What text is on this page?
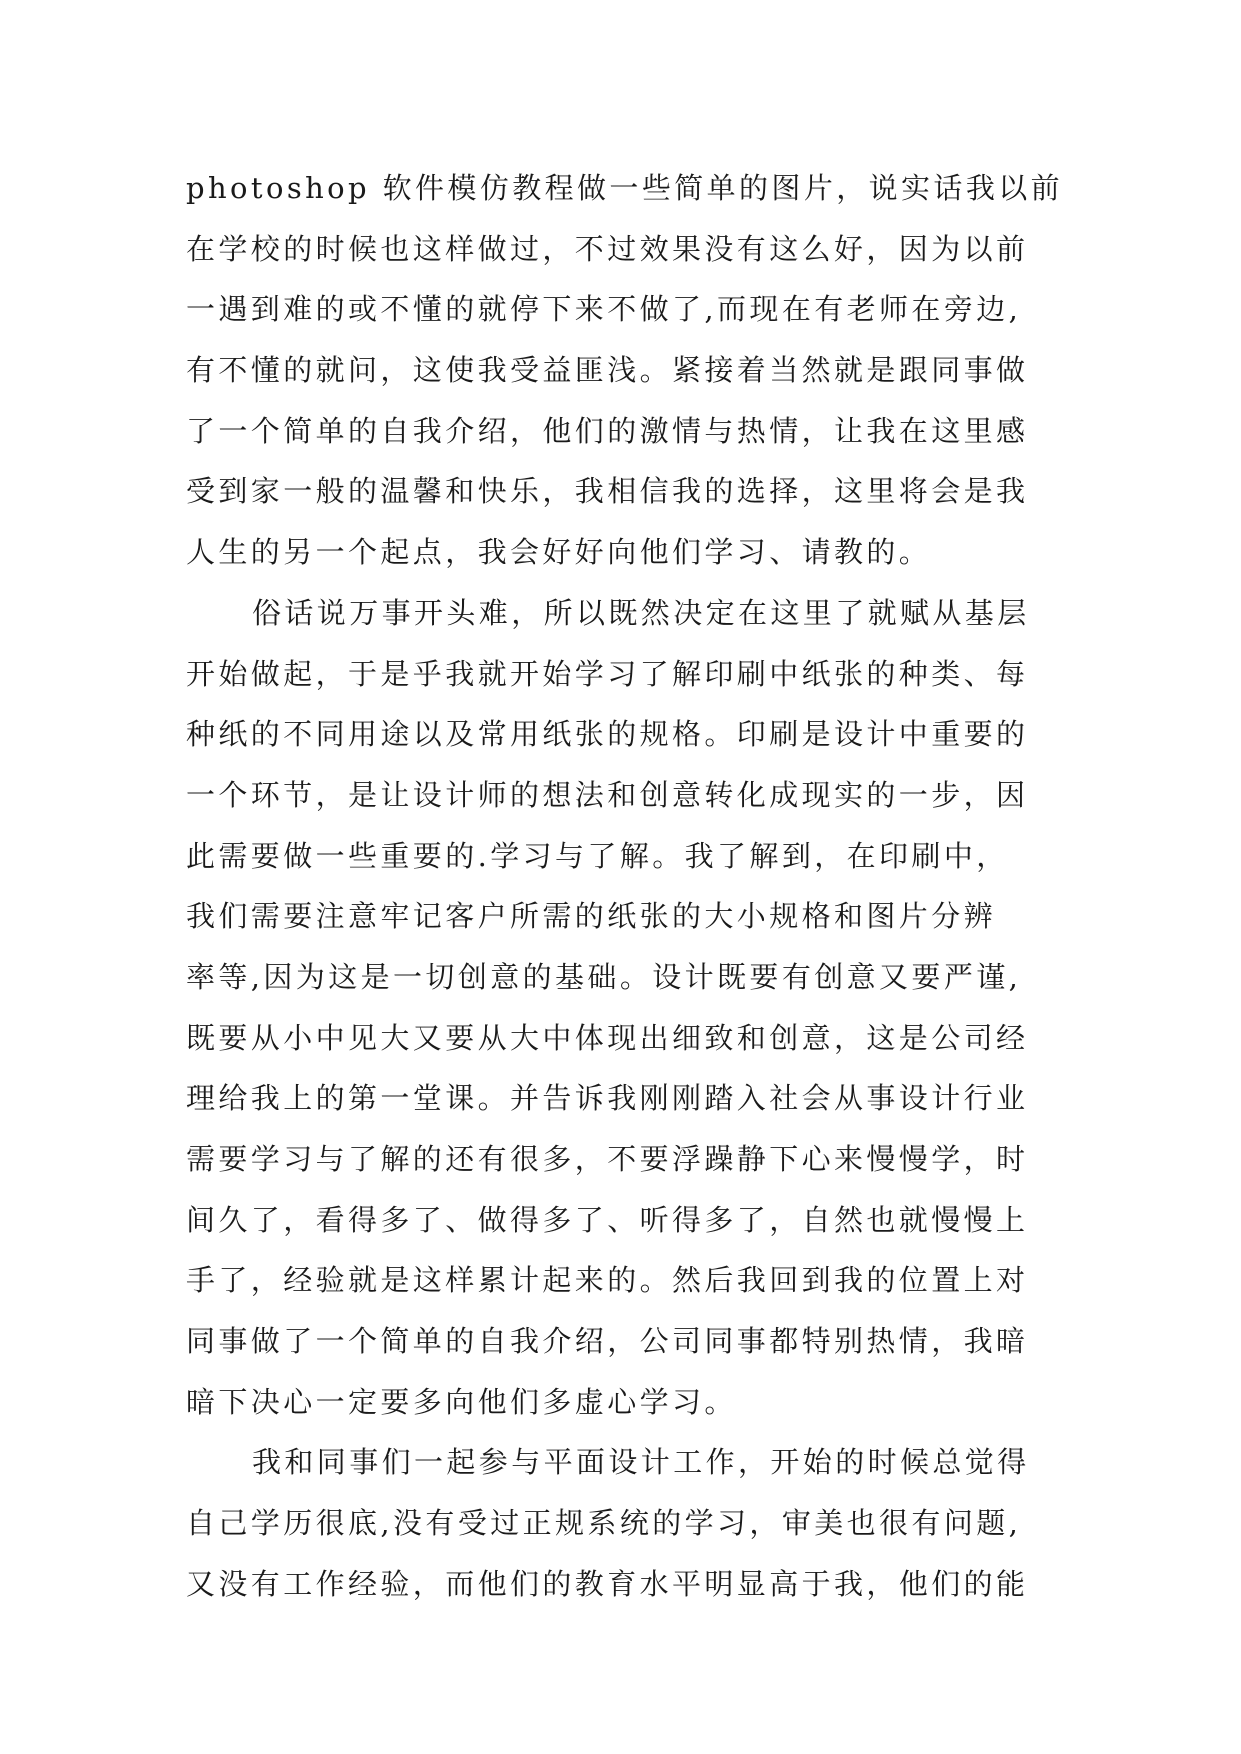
photoshop 软件模仿教程做一些简单的图片，说实话我以前
在学校的时候也这样做过，不过效果没有这么好，因为以前
一遇到难的或不懂的就停下来不做了,而现在有老师在旁边,
有不懂的就问，这使我受益匪浅。紧接着当然就是跟同事做
了一个简单的自我介绍，他们的激情与热情，让我在这里感
受到家一般的温馨和快乐，我相信我的选择，这里将会是我
人生的另一个起点，我会好好向他们学习、请教的。
俗话说万事开头难，所以既然决定在这里了就赋从基层
开始做起，于是乎我就开始学习了解印刷中纸张的种类、每
种纸的不同用途以及常用纸张的规格。印刷是设计中重要的
一个环节，是让设计师的想法和创意转化成现实的一步，因
此需要做一些重要的.学习与了解。我了解到，在印刷中，
我们需要注意牢记客户所需的纸张的大小规格和图片分辨
率等,因为这是一切创意的基础。设计既要有创意又要严谨,
既要从小中见大又要从大中体现出细致和创意，这是公司经
理给我上的第一堂课。并告诉我刚刚踏入社会从事设计行业
需要学习与了解的还有很多，不要浮躁静下心来慢慢学，时
间久了，看得多了、做得多了、听得多了，自然也就慢慢上
手了，经验就是这样累计起来的。然后我回到我的位置上对
同事做了一个简单的自我介绍，公司同事都特别热情，我暗
暗下决心一定要多向他们多虚心学习。
我和同事们一起参与平面设计工作，开始的时候总觉得
自己学历很底,没有受过正规系统的学习，审美也很有问题,
又没有工作经验，而他们的教育水平明显高于我，他们的能
